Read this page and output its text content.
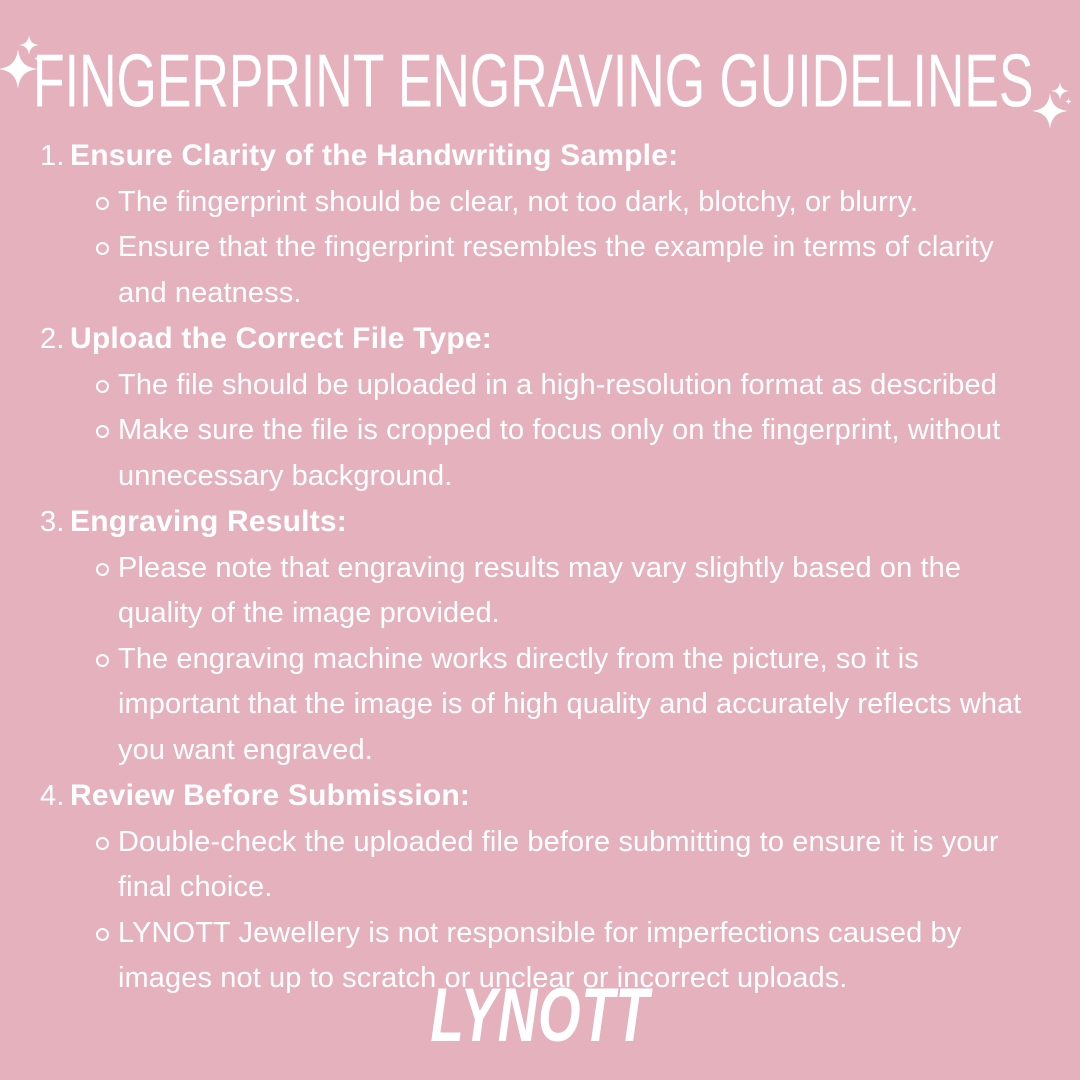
FINGERPRINT ENGRAVING GUIDELINES
1. Ensure Clarity of the Handwriting Sample:
The fingerprint should be clear, not too dark, blotchy, or blurry.
Ensure that the fingerprint resembles the example in terms of clarity and neatness.
2. Upload the Correct File Type:
The file should be uploaded in a high-resolution format as described
Make sure the file is cropped to focus only on the fingerprint, without unnecessary background.
3. Engraving Results:
Please note that engraving results may vary slightly based on the quality of the image provided.
The engraving machine works directly from the picture, so it is important that the image is of high quality and accurately reflects what you want engraved.
4. Review Before Submission:
Double-check the uploaded file before submitting to ensure it is your final choice.
LYNOTT Jewellery is not responsible for imperfections caused by images not up to scratch or unclear or incorrect uploads.
LYNOTT
